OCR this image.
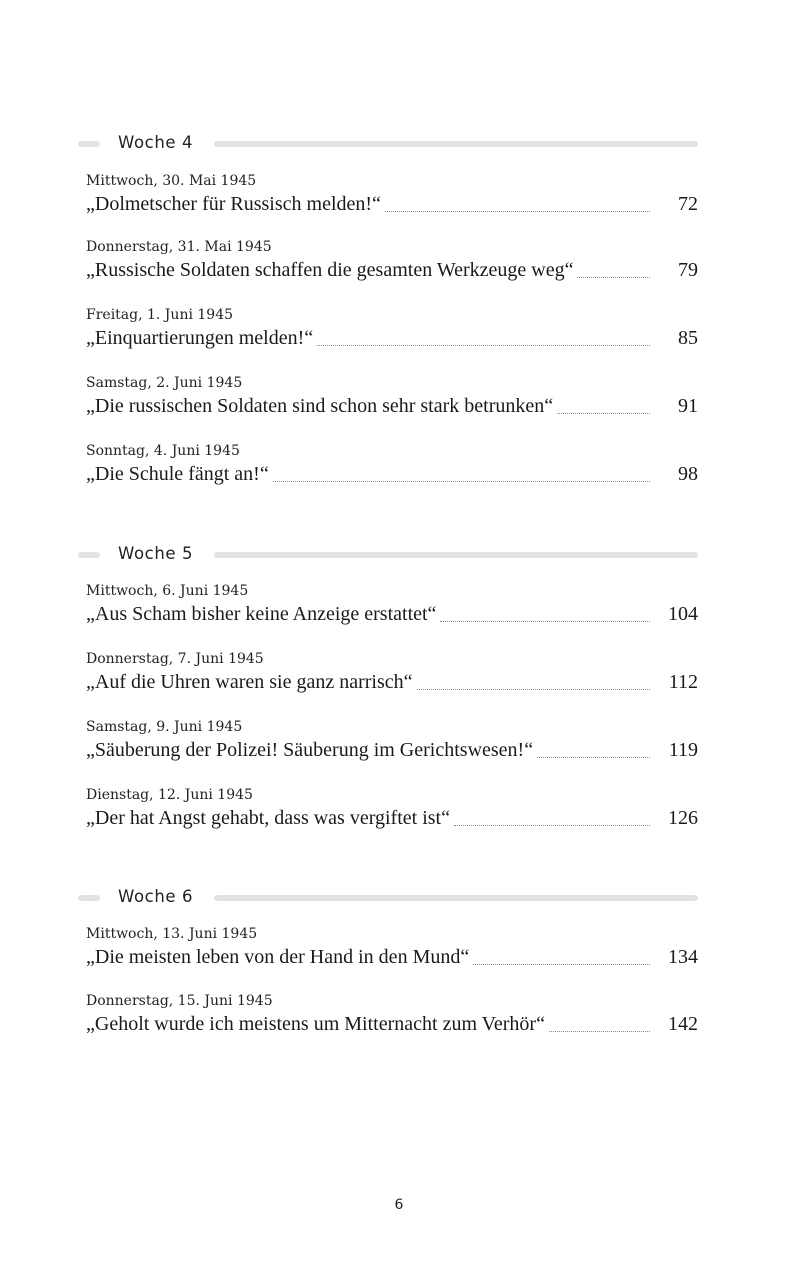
Woche 4
Mittwoch, 30. Mai 1945
„Dolmetscher für Russisch melden!“	72
Donnerstag, 31. Mai 1945
„Russische Soldaten schaffen die gesamten Werkzeuge weg“	79
Freitag, 1. Juni 1945
„Einquartierungen melden!“	85
Samstag, 2. Juni 1945
„Die russischen Soldaten sind schon sehr stark betrunken“	91
Sonntag, 4. Juni 1945
„Die Schule fängt an!“	98
Woche 5
Mittwoch, 6. Juni 1945
„Aus Scham bisher keine Anzeige erstattet“	104
Donnerstag, 7. Juni 1945
„Auf die Uhren waren sie ganz narrisch“	112
Samstag, 9. Juni 1945
„Säuberung der Polizei! Säuberung im Gerichtswesen!“	119
Dienstag, 12. Juni 1945
„Der hat Angst gehabt, dass was vergiftet ist“	126
Woche 6
Mittwoch, 13. Juni 1945
„Die meisten leben von der Hand in den Mund“	134
Donnerstag, 15. Juni 1945
„Geholt wurde ich meistens um Mitternacht zum Verhör“	142
6
